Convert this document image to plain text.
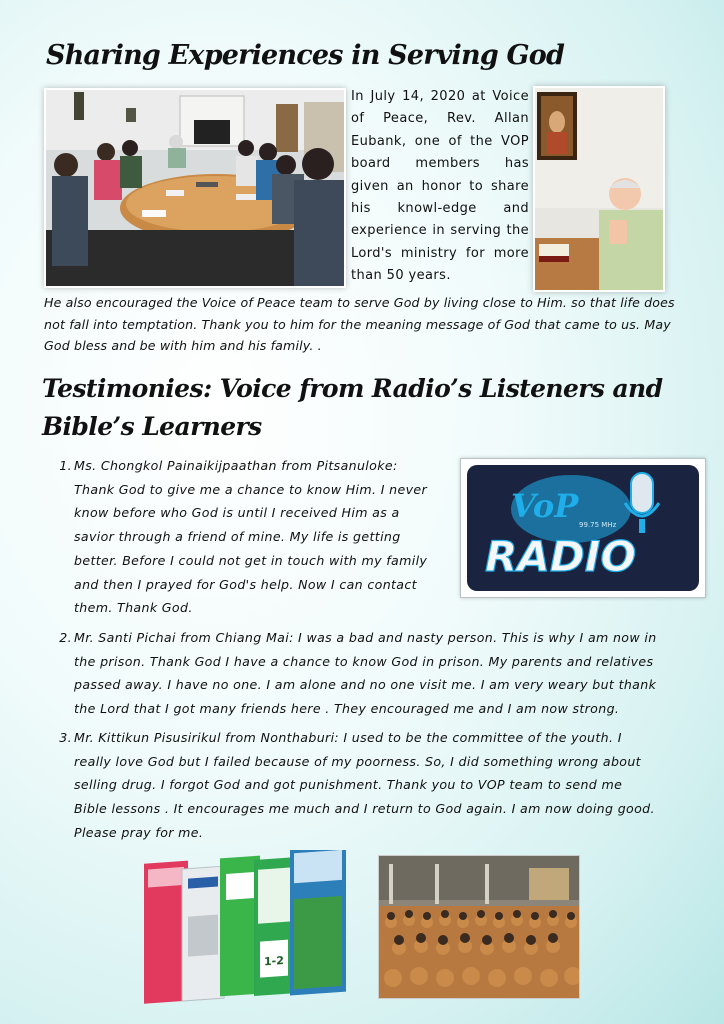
Sharing Experiences in Serving God

In July 14, 2020 at Voice of Peace, Rev. Allan Eubank, one of the VOP board members has given an honor to share his knowl-edge and experience in serving the Lord's ministry for more than 50 years.

He also encouraged the Voice of Peace team to serve God by living close to Him. so that life does not fall into temptation. Thank you to him for the meaning message of God that came to us. May God bless and be with him and his family. .

Testimonies: Voice from Radio’s Listeners and
Bible’s Learners
1. Ms. Chongkol Painaikijpaathan from Pitsanuloke:
Thank God to give me a chance to know Him. I never
know before who God is until I received Him as a
savior through a friend of mine. My life is getting
better. Before I could not get in touch with my family
and then I prayed for God's help. Now I can contact
them. Thank God.
VoP 99.75 MHz
RADIO
2. Mr. Santi Pichai from Chiang Mai: I was a bad and nasty person. This is why I am now in
the prison. Thank God I have a chance to know God in prison. My parents and relatives
passed away. I have no one. I am alone and no one visit me. I am very weary but thank
the Lord that I got many friends here . They encouraged me and I am now strong.
3. Mr. Kittikun Pisusirikul from Nonthaburi: I used to be the committee of the youth. I
really love God but I failed because of my poorness. So, I did something wrong about
selling drug. I forgot God and got punishment. Thank you to VOP team to send me
Bible lessons . It encourages me much and I return to God again. I am now doing good.
Please pray for me.
1-2
